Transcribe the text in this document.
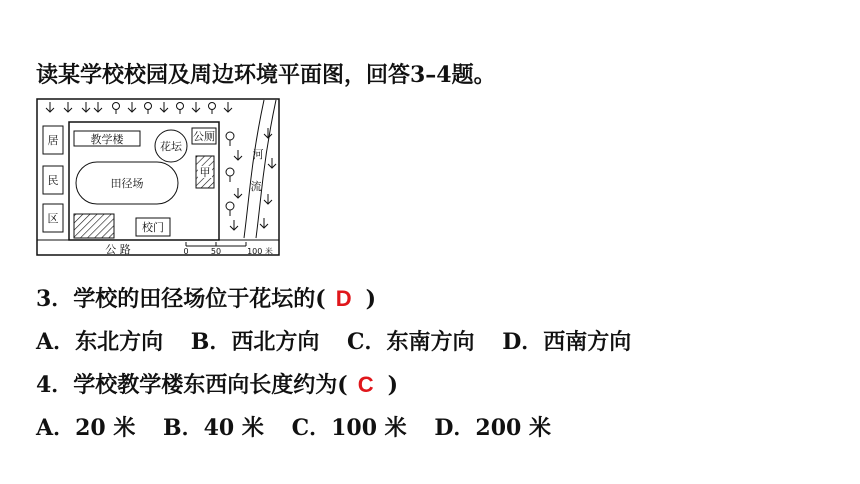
读某学校校园及周边环境平面图，回答3–4题。
居
民
区
教学楼
花坛
公厕
田径场
甲
校门
河
流
公 路	0	50	100 米
3．学校的田径场位于花坛的( D )
A．东北方向 B．西北方向 C．东南方向 D．西南方向
4．学校教学楼东西向长度约为( C )
A．20 米 B．40 米 C．100 米 D．200 米
